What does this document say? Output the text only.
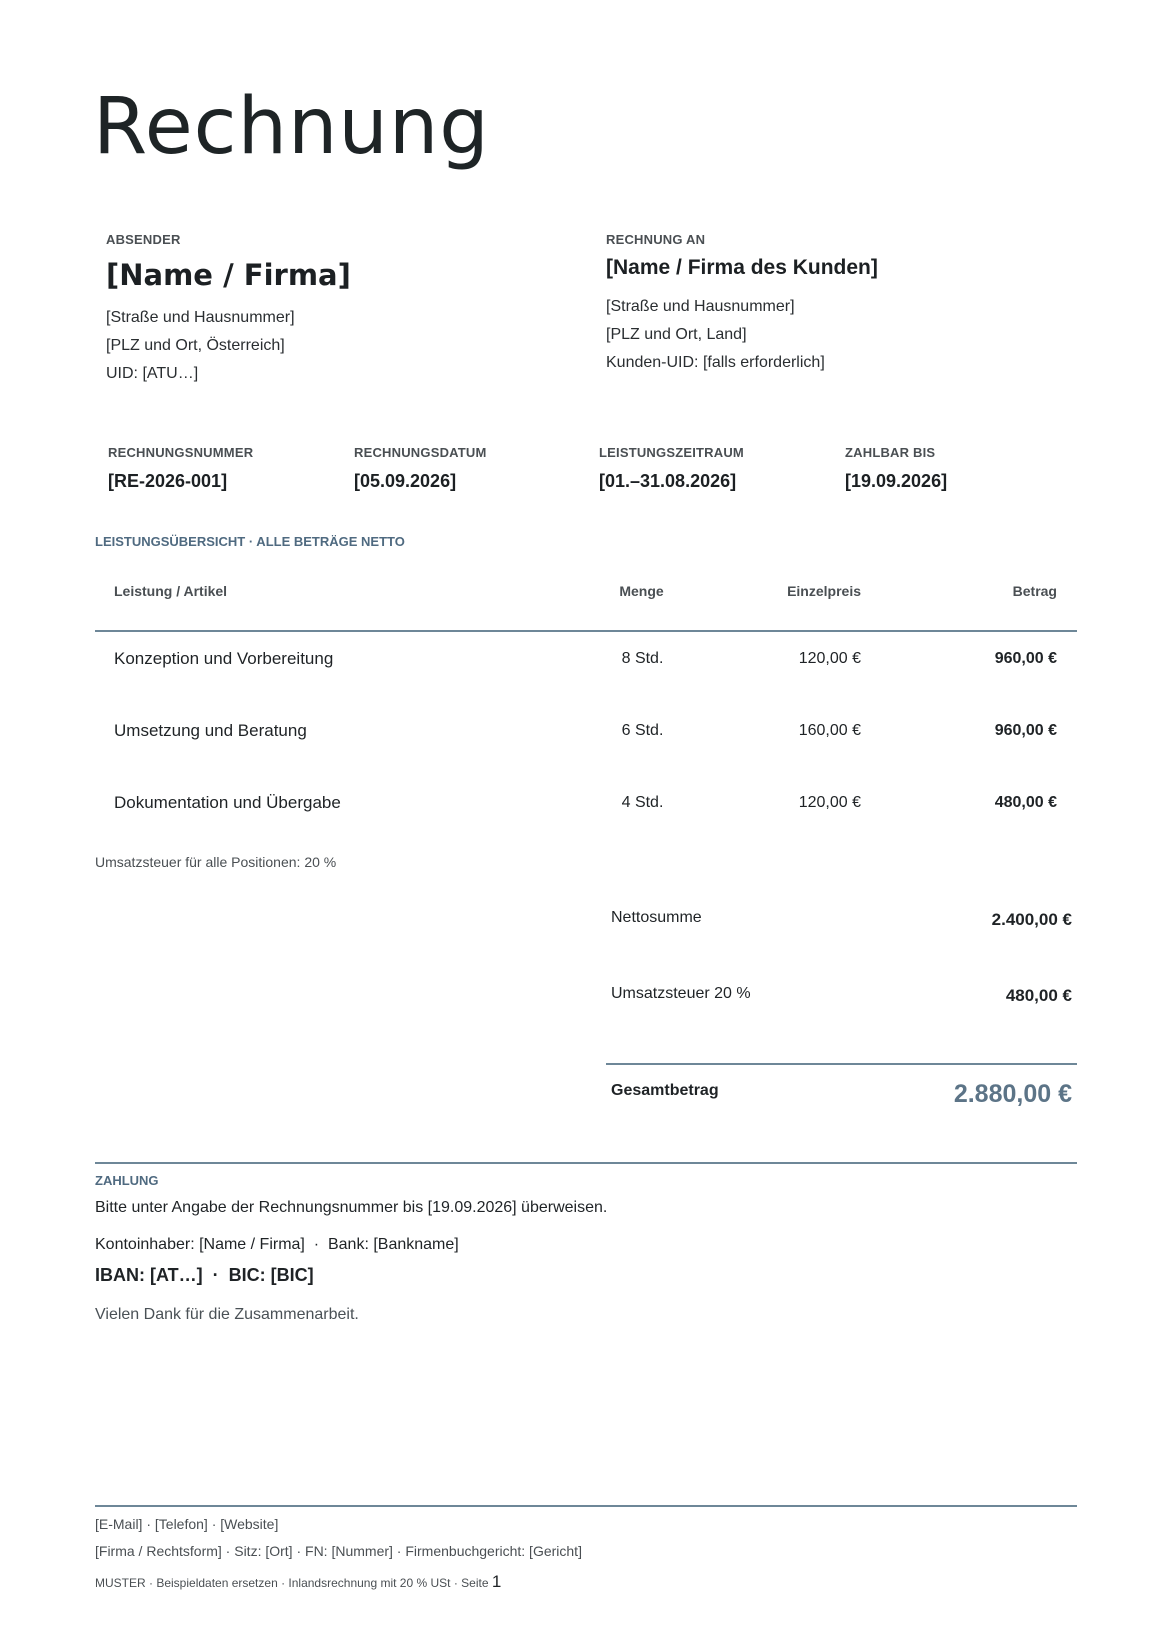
Rechnung
ABSENDER
[Name / Firma]
[Straße und Hausnummer]
[PLZ und Ort, Österreich]
UID: [ATU…]
RECHNUNG AN
[Name / Firma des Kunden]
[Straße und Hausnummer]
[PLZ und Ort, Land]
Kunden-UID: [falls erforderlich]
RECHNUNGSNUMMER
[RE-2026-001]
RECHNUNGSDATUM
[05.09.2026]
LEISTUNGSZEITRAUM
[01.–31.08.2026]
ZAHLBAR BIS
[19.09.2026]
LEISTUNGSÜBERSICHT · ALLE BETRÄGE NETTO
Leistung / Artikel	Menge	Einzelpreis	Betrag
Konzeption und Vorbereitung	8 Std.	120,00 €	960,00 €
Umsetzung und Beratung	6 Std.	160,00 €	960,00 €
Dokumentation und Übergabe	4 Std.	120,00 €	480,00 €
Umsatzsteuer für alle Positionen: 20 %
Nettosumme	2.400,00 €
Umsatzsteuer 20 %	480,00 €
Gesamtbetrag	2.880,00 €
ZAHLUNG
Bitte unter Angabe der Rechnungsnummer bis [19.09.2026] überweisen.
Kontoinhaber: [Name / Firma]  ·  Bank: [Bankname]
IBAN: [AT…]  ·  BIC: [BIC]
Vielen Dank für die Zusammenarbeit.
[E-Mail] · [Telefon] · [Website]
[Firma / Rechtsform] · Sitz: [Ort] · FN: [Nummer] · Firmenbuchgericht: [Gericht]
MUSTER · Beispieldaten ersetzen · Inlandsrechnung mit 20 % USt · Seite 1
